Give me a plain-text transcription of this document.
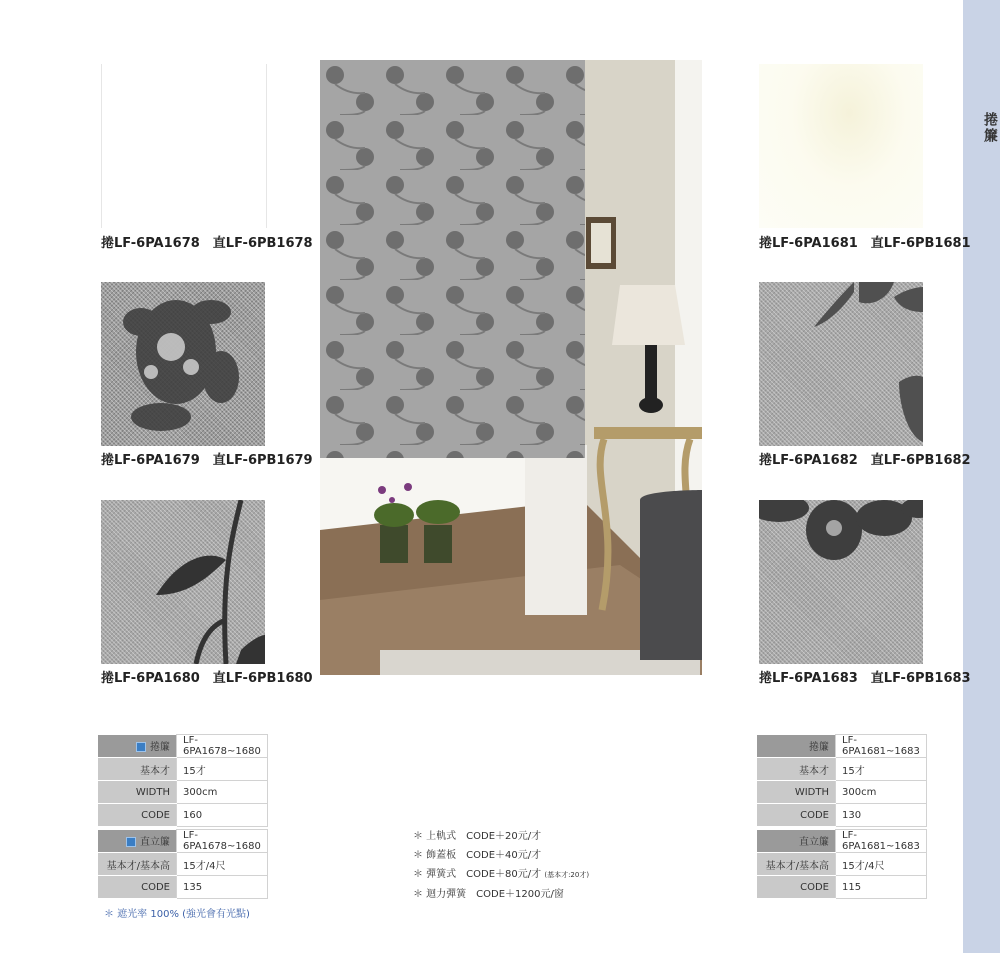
捲簾
捲LF-6PA1678　直LF-6PB1678
捲LF-6PA1679　直LF-6PB1679
捲LF-6PA1680　直LF-6PB1680
捲LF-6PA1681　直LF-6PB1681
捲LF-6PA1682　直LF-6PB1682
捲LF-6PA1683　直LF-6PB1683
捲簾	LF-6PA1678~1680
基本才	15才
WIDTH	300cm
CODE	160
直立簾	LF-6PA1678~1680
基本才/基本高	15才/4尺
CODE	135
＊ 遮光率 100% (強光會有光點)
＊ 上軌式　CODE＋20元/才
＊ 飾蓋板　CODE＋40元/才
＊ 彈簧式　CODE＋80元/才 (基本才:20才)
＊ 迴力彈簧　CODE＋1200元/窗
捲簾	LF-6PA1681~1683
基本才	15才
WIDTH	300cm
CODE	130
直立簾	LF-6PA1681~1683
基本才/基本高	15才/4尺
CODE	115
